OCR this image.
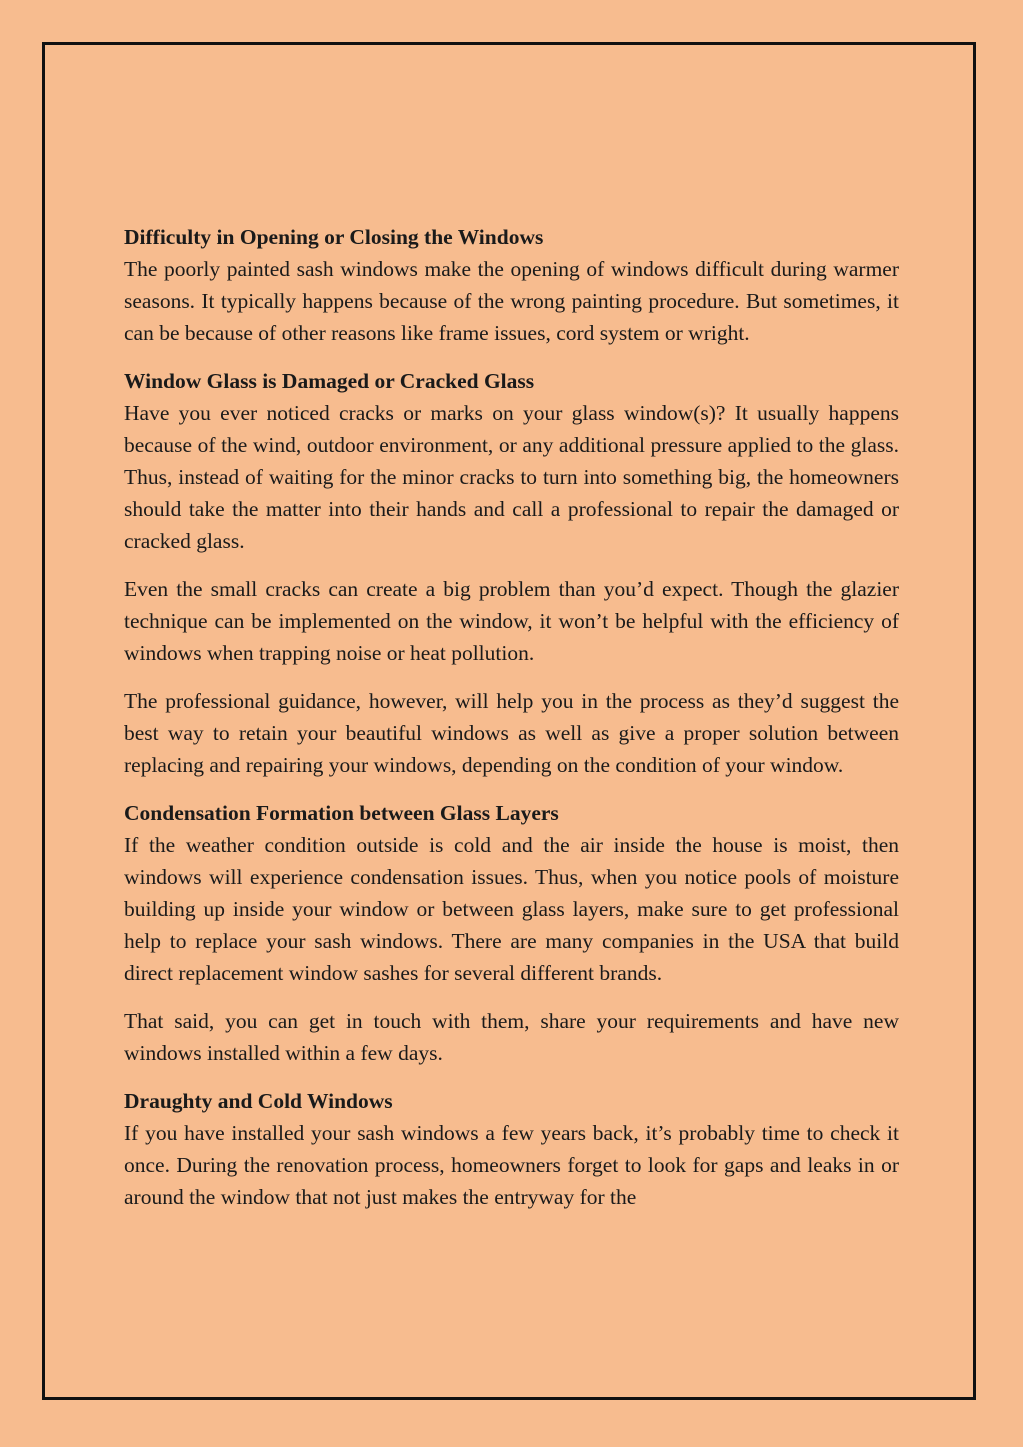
Difficulty in Opening or Closing the Windows

The poorly painted sash windows make the opening of windows difficult during warmer seasons. It typically happens because of the wrong painting procedure. But sometimes, it can be because of other reasons like frame issues, cord system or wright.

Window Glass is Damaged or Cracked Glass

Have you ever noticed cracks or marks on your glass window(s)? It usually happens because of the wind, outdoor environment, or any additional pressure applied to the glass. Thus, instead of waiting for the minor cracks to turn into something big, the homeowners should take the matter into their hands and call a professional to repair the damaged or cracked glass.

Even the small cracks can create a big problem than you’d expect. Though the glazier technique can be implemented on the window, it won’t be helpful with the efficiency of windows when trapping noise or heat pollution.

The professional guidance, however, will help you in the process as they’d suggest the best way to retain your beautiful windows as well as give a proper solution between replacing and repairing your windows, depending on the condition of your window.

Condensation Formation between Glass Layers

If the weather condition outside is cold and the air inside the house is moist, then windows will experience condensation issues. Thus, when you notice pools of moisture building up inside your window or between glass layers, make sure to get professional help to replace your sash windows. There are many companies in the USA that build direct replacement window sashes for several different brands.

That said, you can get in touch with them, share your requirements and have new windows installed within a few days.

Draughty and Cold Windows

If you have installed your sash windows a few years back, it’s probably time to check it once. During the renovation process, homeowners forget to look for gaps and leaks in or around the window that not just makes the entryway for the
